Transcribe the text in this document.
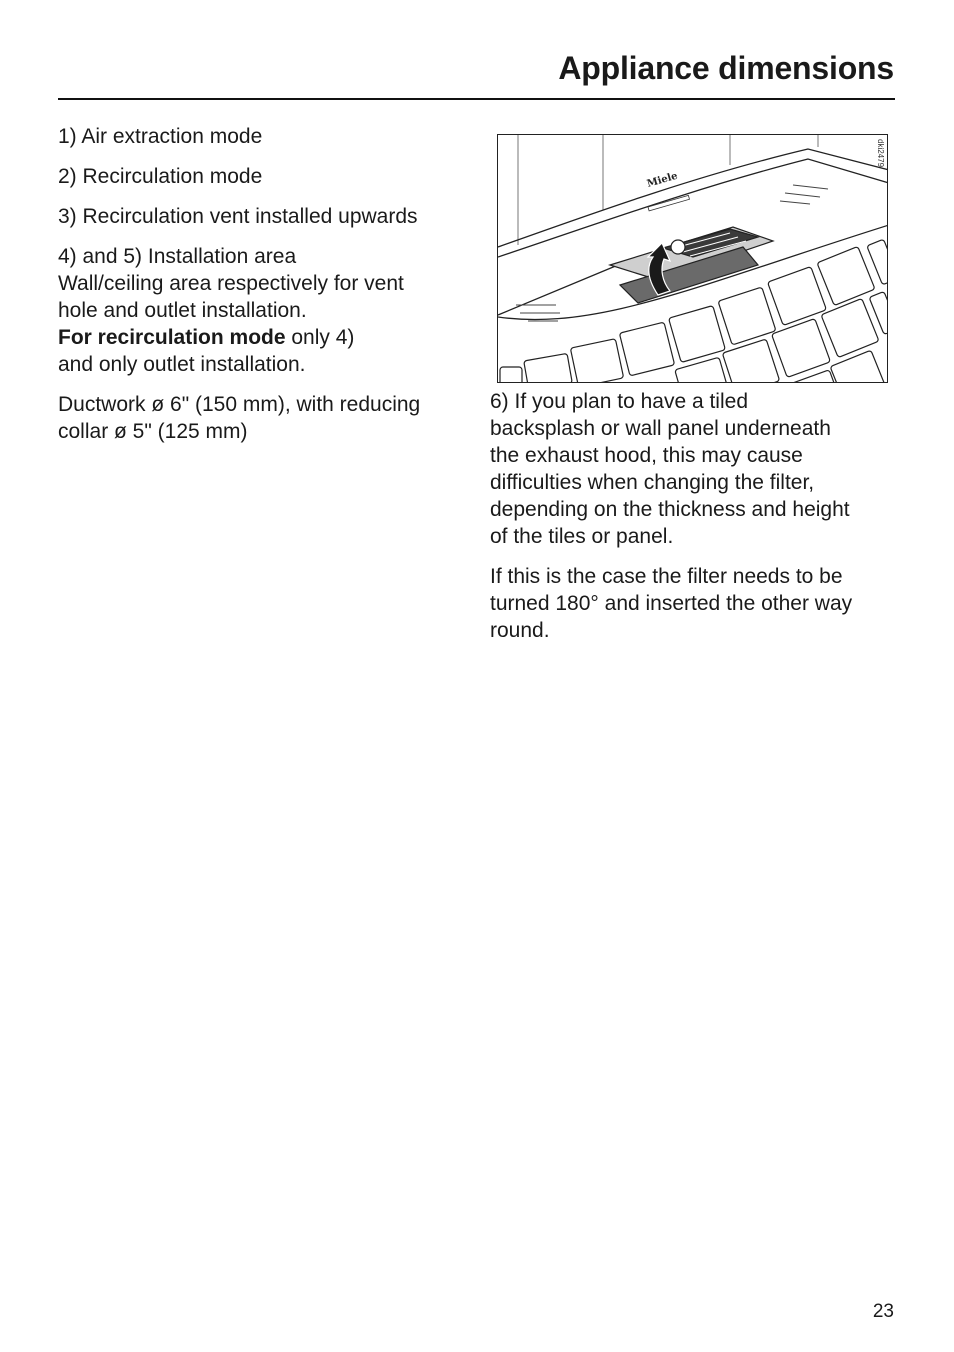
Appliance dimensions

1) Air extraction mode

2) Recirculation mode

3) Recirculation vent installed upwards

4) and 5) Installation area
Wall/ceiling area respectively for vent
hole and outlet installation.
For recirculation mode only 4)
and only outlet installation.

Ductwork ø 6" (150 mm), with reducing
collar ø 5" (125 mm)

Miele
dki2479

6) If you plan to have a tiled
backsplash or wall panel underneath
the exhaust hood, this may cause
difficulties when changing the filter,
depending on the thickness and height
of the tiles or panel.

If this is the case the filter needs to be
turned 180° and inserted the other way
round.

23
